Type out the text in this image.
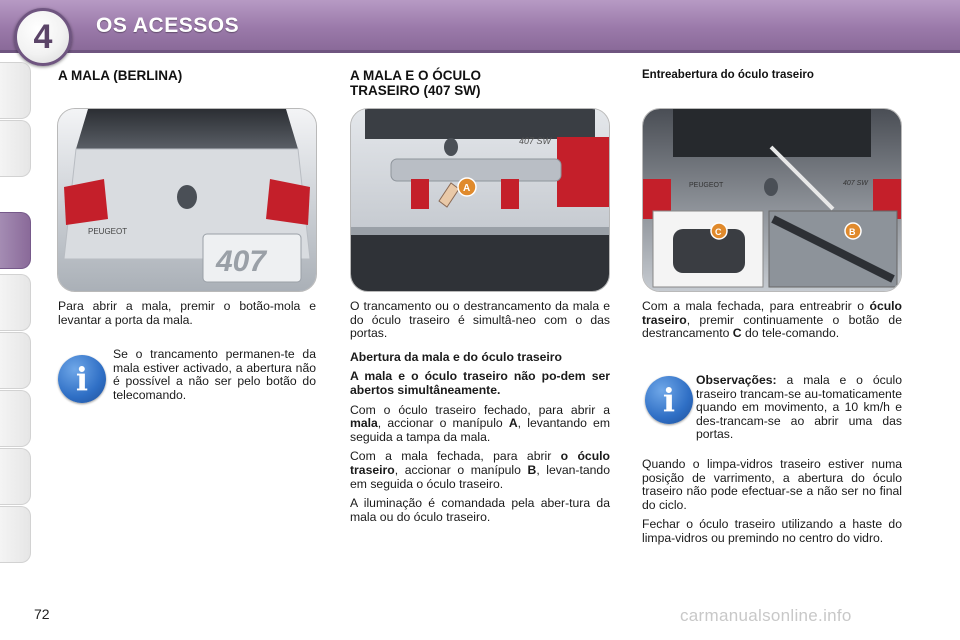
4 OS ACESSOS
A MALA (BERLINA)
PEUGEOT
407

Para abrir a mala, premir o botão-mola e levantar a porta da mala.

i

Se o trancamento permanen-te da mala estiver activado, a abertura não é possível a não ser pelo botão do telecomando.

A MALA E O ÓCULO
TRASEIRO (407 SW)
407 SW
A

O trancamento ou o destrancamento da mala e do óculo traseiro é simultâ-neo com o das portas.

Abertura da mala e do óculo traseiro

A mala e o óculo traseiro não po-dem ser abertos simultâneamente.

Com o óculo traseiro fechado, para abrir a mala, accionar o manípulo A, levantando em seguida a tampa da mala.

Com a mala fechada, para abrir o óculo traseiro, accionar o manípulo B, levan-tando em seguida o óculo traseiro.

A iluminação é comandada pela aber-tura da mala ou do óculo traseiro.

Entreabertura do óculo traseiro
PEUGEOT	407 SW
C	B

Com a mala fechada, para entreabrir o óculo traseiro, premir continuamente o botão de destrancamento C do tele-comando.

i

Observações: a mala e o óculo traseiro trancam-se au-tomaticamente quando em movimento, a 10 km/h e des-trancam-se ao abrir uma das portas.

Quando o limpa-vidros traseiro estiver numa posição de varrimento, a abertura do óculo traseiro não pode efectuar-se a não ser no final do ciclo.

Fechar o óculo traseiro utilizando a haste do limpa-vidros ou premindo no centro do vidro.

72	carmanualsonline.info
